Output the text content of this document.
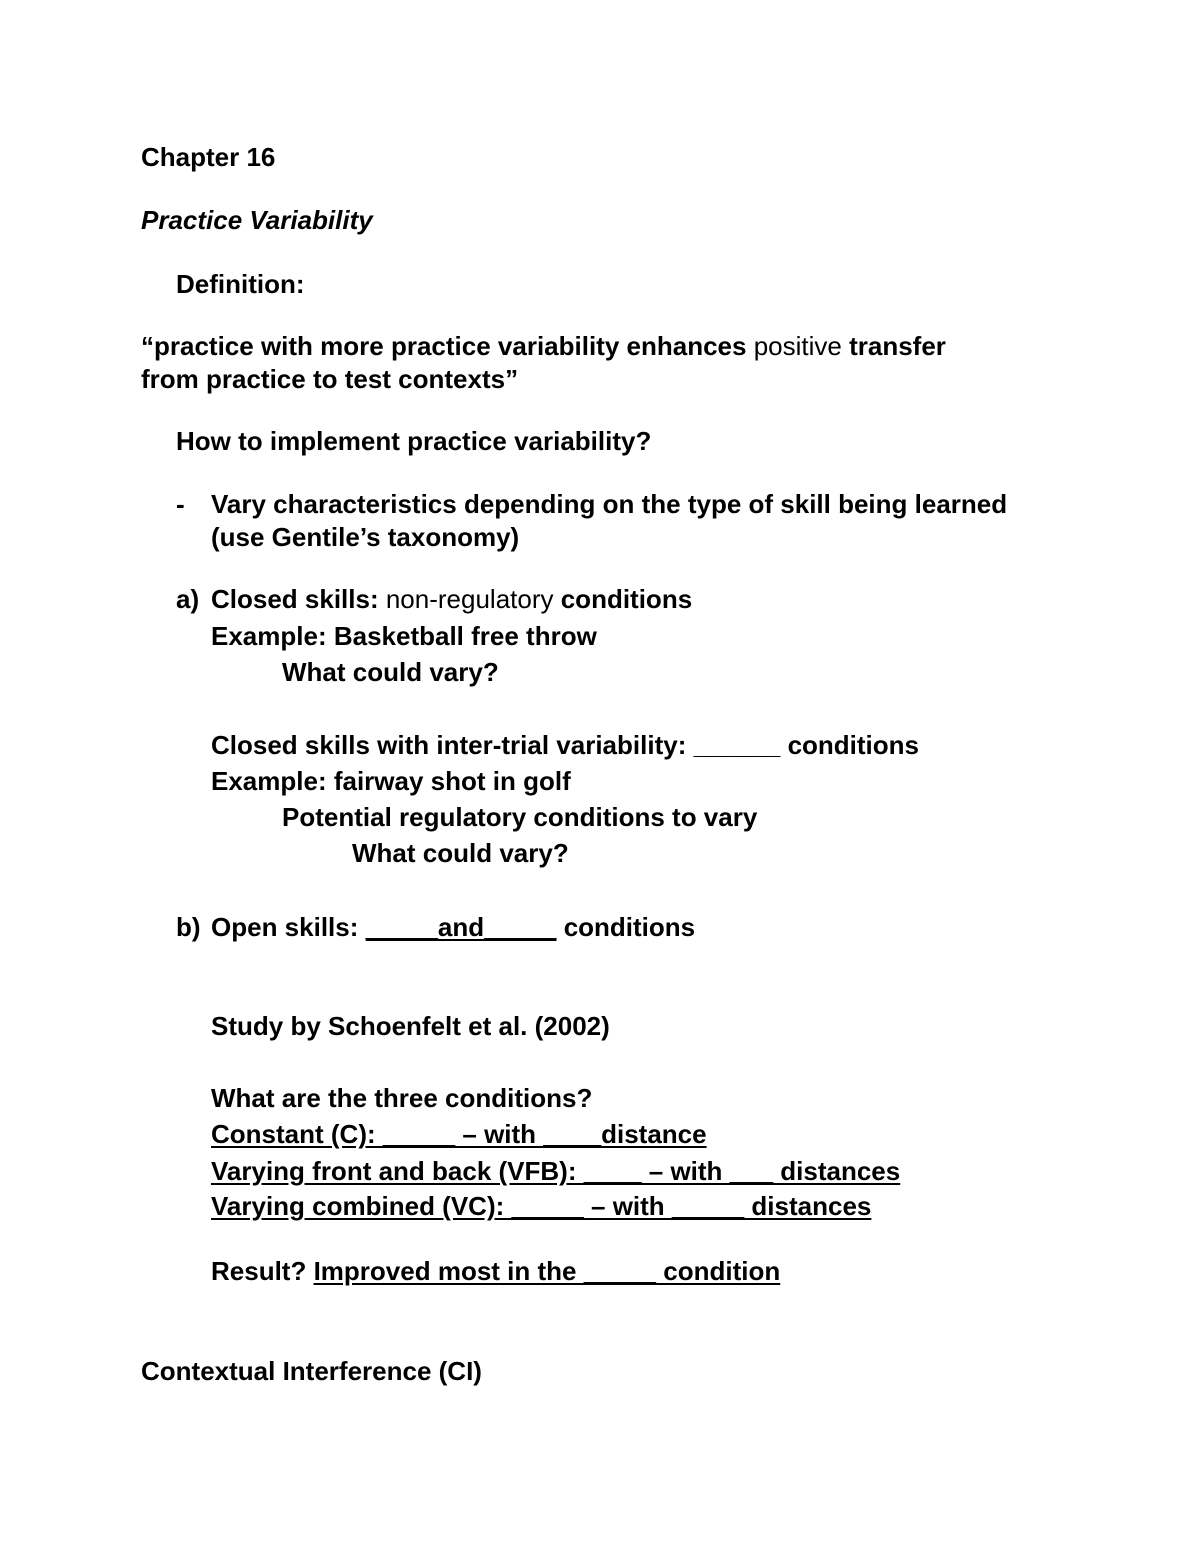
Chapter 16

Practice Variability

Definition:

“practice with more practice variability enhances positive transfer

from practice to test contexts”

How to implement practice variability?

- Vary characteristics depending on the type of skill being learned

(use Gentile’s taxonomy)

a) Closed skills: non-regulatory conditions

Example: Basketball free throw

What could vary?

Closed skills with inter-trial variability: ______ conditions

Example: fairway shot in golf

Potential regulatory conditions to vary

What could vary?

b) Open skills: _____and_____ conditions

Study by Schoenfelt et al. (2002)

What are the three conditions?

Constant (C): _____ – with ____distance

Varying front and back (VFB): ____ – with ___ distances

Varying combined (VC): _____ – with _____ distances

Result? Improved most in the _____ condition

Contextual Interference (CI)
